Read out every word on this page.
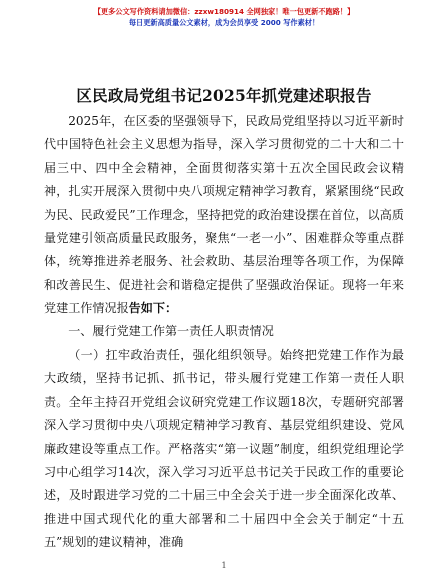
【更多公文写作资料请加微信：zzxw180914 全网独家！唯一包更新不跑路！】
每日更新高质量公文素材，成为会员享受 2000 写作素材！
区民政局党组书记2025年抓党建述职报告
2025年，在区委的坚强领导下，民政局党组坚持以习近平新时代中国特色社会主义思想为指导，深入学习贯彻党的二十大和二十届三中、四中全会精神，全面贯彻落实第十五次全国民政会议精神，扎实开展深入贯彻中央八项规定精神学习教育，紧紧围绕“民政为民、民政爱民”工作理念，坚持把党的政治建设摆在首位，以高质量党建引领高质量民政服务，聚焦“一老一小”、困难群众等重点群体，统筹推进养老服务、社会救助、基层治理等各项工作，为保障和改善民生、促进社会和谐稳定提供了坚强政治保证。现将一年来党建工作情况报告如下：
一、履行党建工作第一责任人职责情况
（一）扛牢政治责任，强化组织领导。始终把党建工作作为最大政绩，坚持书记抓、抓书记，带头履行党建工作第一责任人职责。全年主持召开党组会议研究党建工作议题18次，专题研究部署深入学习贯彻中央八项规定精神学习教育、基层党组织建设、党风廉政建设等重点工作。严格落实“第一议题”制度，组织党组理论学习中心组学习14次，深入学习习近平总书记关于民政工作的重要论述，及时跟进学习党的二十届三中全会关于进一步全面深化改革、推进中国式现代化的重大部署和二十届四中全会关于制定“十五五”规划的建议精神，准确
1
